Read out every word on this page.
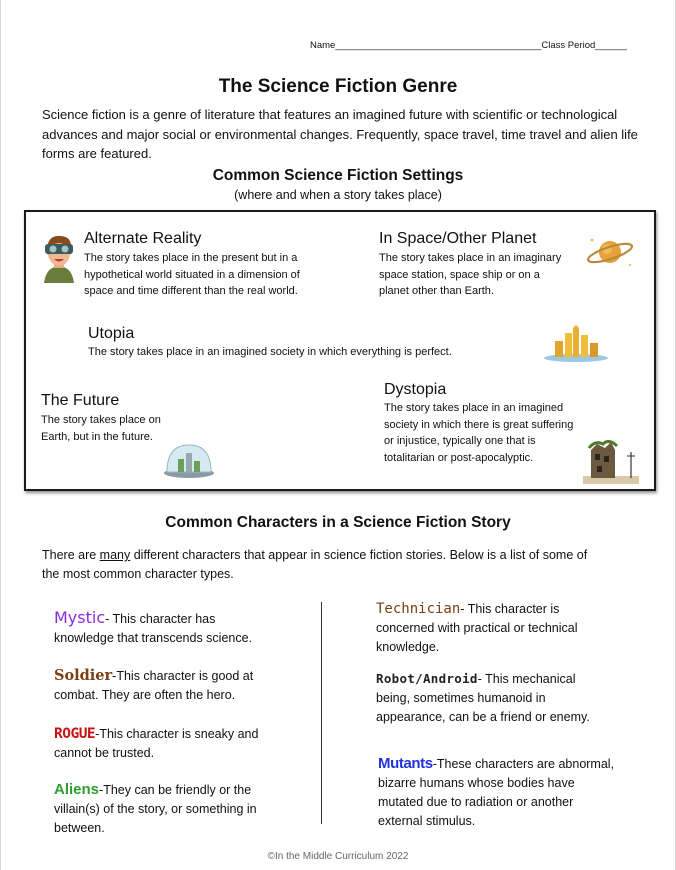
Name_______________________________________Class Period______
The Science Fiction Genre
Science fiction is a genre of literature that features an imagined future with scientific or technological advances and major social or environmental changes. Frequently, space travel, time travel and alien life forms are featured.
Common Science Fiction Settings
(where and when a story takes place)
Alternate Reality
The story takes place in the present but in a
hypothetical world situated in a dimension of
space and time different than the real world.
In Space/Other Planet
The story takes place in an imaginary
space station, space ship or on a
planet other than Earth.
Utopia
The story takes place in an imagined society in which everything is perfect.
The Future
The story takes place on
Earth, but in the future.
Dystopia
The story takes place in an imagined
society in which there is great suffering
or injustice, typically one that is
totalitarian or post-apocalyptic.
Common Characters in a Science Fiction Story
There are many different characters that appear in science fiction stories. Below is a list of some of
the most common character types.
Mystic- This character has
knowledge that transcends science.
Soldier-This character is good at
combat. They are often the hero.
ROGUE-This character is sneaky and
cannot be trusted.
Aliens-They can be friendly or the
villain(s) of the story, or something in
between.
Technician- This character is
concerned with practical or technical
knowledge.
Robot/Android- This mechanical
being, sometimes humanoid in
appearance, can be a friend or enemy.
Mutants-These characters are abnormal,
bizarre humans whose bodies have
mutated due to radiation or another
external stimulus.
©In the Middle Curriculum 2022
